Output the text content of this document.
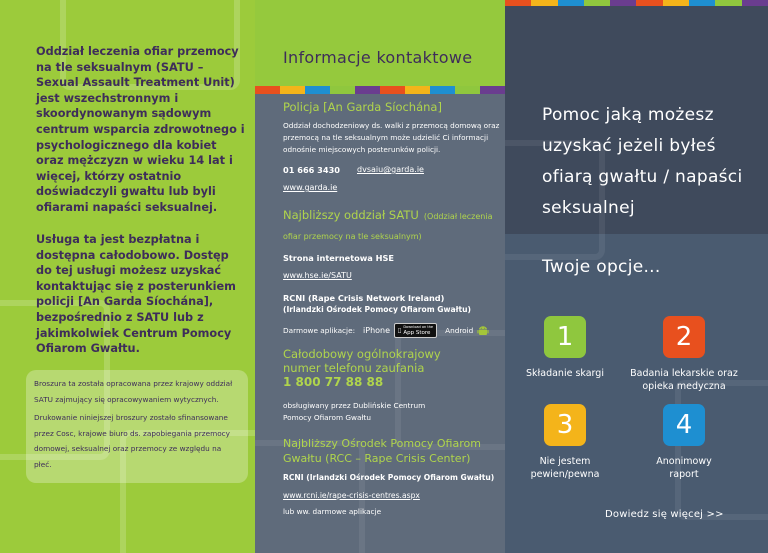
Oddział leczenia ofiar przemocy na tle seksualnym (SATU – Sexual Assault Treatment Unit) jest wszechstronnym i skoordynowanym sądowym centrum wsparcia zdrowotnego i psychologicznego dla kobiet oraz mężczyzn w wieku 14 lat i więcej, którzy ostatnio doświadczyli gwałtu lub byli ofiarami napaści seksualnej.

Usługa ta jest bezpłatna i dostępna całodobowo. Dostęp do tej usługi możesz uzyskać kontaktując się z posterunkiem policji [An Garda Síochána], bezpośrednio z SATU lub z jakimkolwiek Centrum Pomocy Ofiarom Gwałtu.

Broszura ta została opracowana przez krajowy oddział SATU zajmujący się opracowywaniem wytycznych.

Drukowanie niniejszej broszury zostało sfinansowane przez Cosc, krajowe biuro ds. zapobiegania przemocy domowej, seksualnej oraz przemocy ze względu na płeć.

Informacje kontaktowe
Policja [An Garda Síochána]
Oddział dochodzeniowy ds. walki z przemocą domową oraz przemocą na tle seksualnym może udzielić Ci informacji odnośnie miejscowych posterunków policji.
01 666 3430	dvsaiu@garda.ie
www.garda.ie
Najbliższy oddział SATU (Oddział leczenia ofiar przemocy na tle seksualnym)
Strona internetowa HSE
www.hse.ie/SATU
RCNI (Rape Crisis Network Ireland)
(Irlandzki Ośrodek Pomocy Ofiarom Gwałtu)
Darmowe aplikacje: iPhone	Download on the
App Store	Android
Całodobowy ogólnokrajowy numer telefonu zaufania
1 800 77 88 88
obsługiwany przez Dublińskie Centrum Pomocy Ofiarom Gwałtu
Najbliższy Ośrodek Pomocy Ofiarom Gwałtu (RCC – Rape Crisis Center)
RCNI (Irlandzki Ośrodek Pomocy Ofiarom Gwałtu)
www.rcni.ie/rape-crisis-centres.aspx
lub ww. darmowe aplikacje
Pomoc jaką możesz uzyskać jeżeli byłeś ofiarą gwałtu / napaści seksualnej
Twoje opcje...
1
Składanie skargi
2
Badania lekarskie oraz opieka medyczna
3
Nie jestem pewien/pewna
4
Anonimowy raport
Dowiedz się więcej >>
